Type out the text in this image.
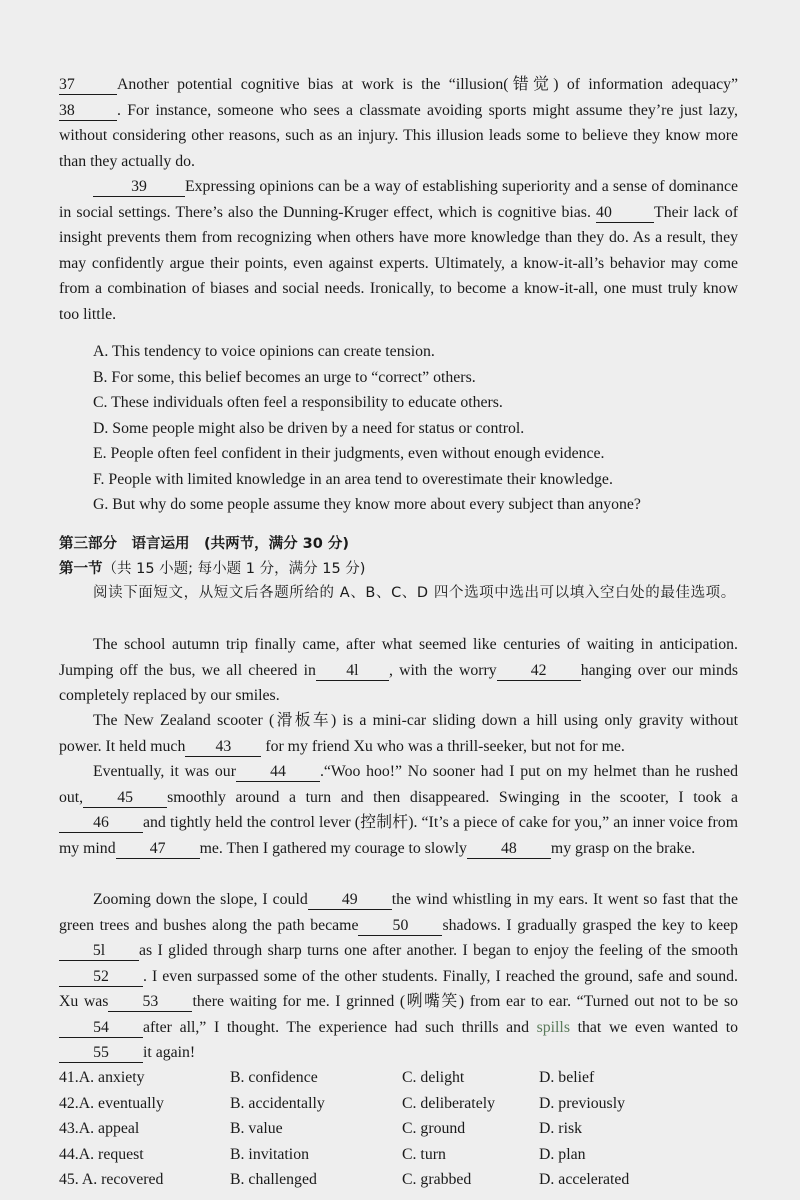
37	Another potential cognitive bias at work is the “illusion(错觉) of information adequacy” 38	. For instance, someone who sees a classmate avoiding sports might assume they’re just lazy, without considering other reasons, such as an injury. This illusion leads some to believe they know more than they actually do.
39 Expressing opinions can be a way of establishing superiority and a sense of dominance in social settings. There’s also the Dunning-Kruger effect, which is cognitive bias. 40	Their lack of insight prevents them from recognizing when others have more knowledge than they do. As a result, they may confidently argue their points, even against experts. Ultimately, a know-it-all’s behavior may come from a combination of biases and social needs. Ironically, to become a know-it-all, one must truly know too little.
A. This tendency to voice opinions can create tension.
B. For some, this belief becomes an urge to “correct” others.
C. These individuals often feel a responsibility to educate others.
D. Some people might also be driven by a need for status or control.
E. People often feel confident in their judgments, even without enough evidence.
F. People with limited knowledge in an area tend to overestimate their knowledge.
G. But why do some people assume they know more about every subject than anyone?
第三部分　语言运用　(共两节，满分 30 分)
第一节（共 15 小题; 每小题 1 分，满分 15 分)
阅读下面短文，从短文后各题所给的 A、B、C、D 四个选项中选出可以填入空白处的最佳选项。
The school autumn trip finally came, after what seemed like centuries of waiting in anticipation. Jumping off the bus, we all cheered in 4l , with the worry 42 hanging over our minds completely replaced by our smiles.
The New Zealand scooter (滑板车) is a mini-car sliding down a hill using only gravity without power. It held much 43 for my friend Xu who was a thrill-seeker, but not for me.
Eventually, it was our 44 .“Woo hoo!” No sooner had I put on my helmet than he rushed out, 45 smoothly around a turn and then disappeared. Swinging in the scooter, I took a46 and tightly held the control lever (控制杆). “It’s a piece of cake for you,” an inner voice from my mind 47 me. Then I gathered my courage to slowly 48 my grasp on the brake.
Zooming down the slope, I could 49 the wind whistling in my ears. It went so fast that the green trees and bushes along the path became 50 shadows. I gradually grasped the key to keep5l as I glided through sharp turns one after another. I began to enjoy the feeling of the smooth52 . I even surpassed some of the other students. Finally, I reached the ground, safe and sound. Xu was 53 there waiting for me. I grinned (咧嘴笑) from ear to ear. “Turned out not to be so54 after all,” I thought. The experience had such thrills and spills that we even wanted to55 it again!
41.A. anxiety	B. confidence	C. delight	D. belief
42.A. eventually	B. accidentally	C. deliberately	D. previously
43.A. appeal	B. value	C. ground	D. risk
44.A. request	B. invitation	C. turn	D. plan
45. A. recovered	B. challenged	C. grabbed	D. accelerated
